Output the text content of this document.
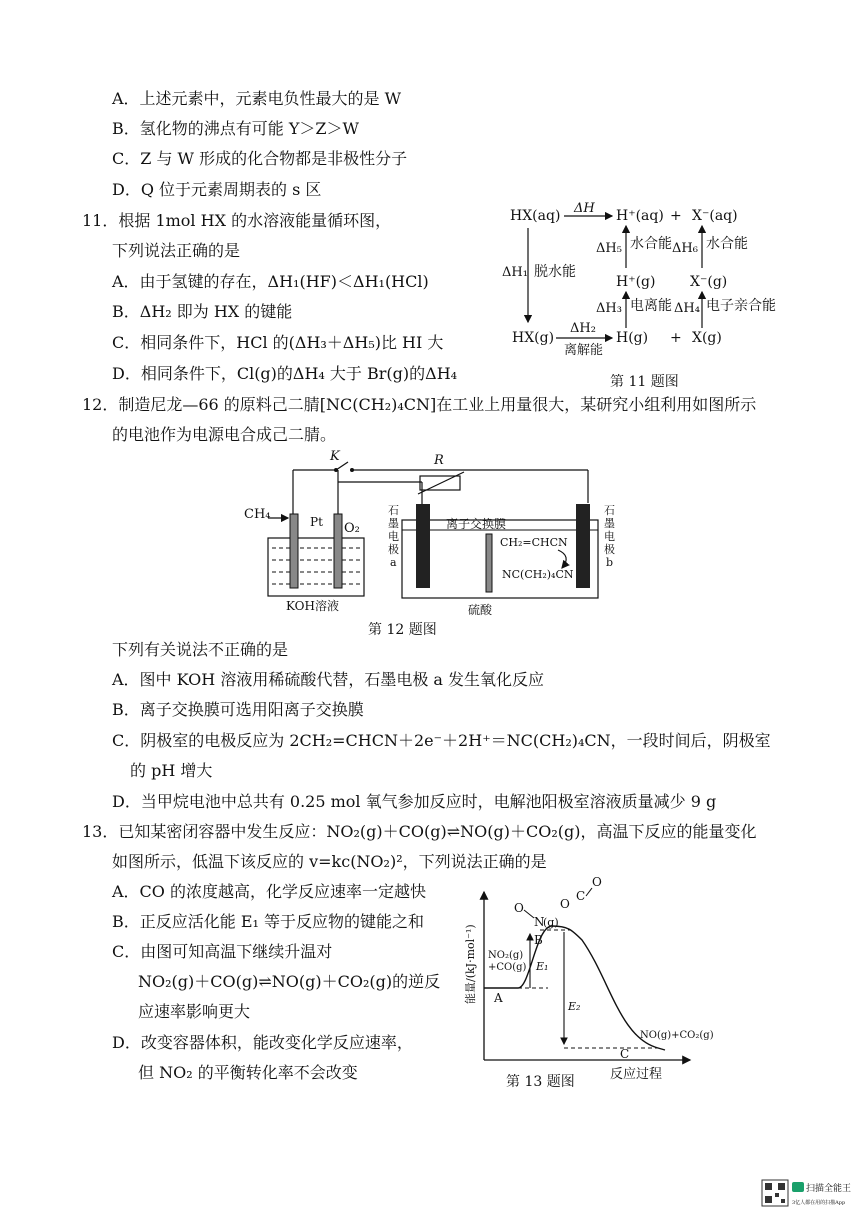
A．上述元素中，元素电负性最大的是 W
B．氢化物的沸点有可能 Y＞Z＞W
C．Z 与 W 形成的化合物都是非极性分子
D．Q 位于元素周期表的 s 区
11．根据 1mol HX 的水溶液能量循环图，
下列说法正确的是
A．由于氢键的存在，ΔH₁(HF)＜ΔH₁(HCl)
B．ΔH₂ 即为 HX 的键能
C．相同条件下，HCl 的(ΔH₃＋ΔH₅)比 HI 大
D．相同条件下，Cl(g)的ΔH₄ 大于 Br(g)的ΔH₄
HX(aq) ΔH H⁺(aq) + X⁻(aq)
ΔH₁ 脱水能
ΔH₅ 水合能 ΔH₆ 水合能
H⁺(g) X⁻(g)
ΔH₃ 电离能 ΔH₄ 电子亲合能
HX(g)
ΔH₂
离解能
H(g) + X(g)
第 11 题图
12．制造尼龙—66 的原料己二腈[NC(CH₂)₄CN]在工业上用量很大，某研究小组利用如图所示
的电池作为电源电合成己二腈。
K	R
CH₄	Pt O₂
KOH溶液
离子交换膜
CH₂=CHCN
NC(CH₂)₄CN
硫酸
石
墨
电
极
a
石
墨
电
极
b
第 12 题图
下列有关说法不正确的是
A．图中 KOH 溶液用稀硫酸代替，石墨电极 a 发生氧化反应
B．离子交换膜可选用阳离子交换膜
C．阴极室的电极反应为 2CH₂=CHCN＋2e⁻＋2H⁺＝NC(CH₂)₄CN，一段时间后，阴极室
的 pH 增大
D．当甲烷电池中总共有 0.25 mol 氧气参加反应时，电解池阳极室溶液质量减少 9 g
13．已知某密闭容器中发生反应：NO₂(g)＋CO(g)⇌NO(g)＋CO₂(g)，高温下反应的能量变化
如图所示，低温下该反应的 v=kc(NO₂)²，下列说法正确的是
A．CO 的浓度越高，化学反应速率一定越快
B．正反应活化能 E₁ 等于反应物的键能之和
C．由图可知高温下继续升温对
NO₂(g)＋CO(g)⇌NO(g)＋CO₂(g)的逆反
应速率影响更大
D．改变容器体积，能改变化学反应速率，
但 NO₂ 的平衡转化率不会改变
能量/(kJ·mol⁻¹)
反应过程
A
B
C
NO₂(g)
+CO(g) E₁
E₂
NO(g)+CO₂(g)
O
N
(g)
O
C
O
第 13 题图
扫描全能王
3亿人都在用的扫描App
